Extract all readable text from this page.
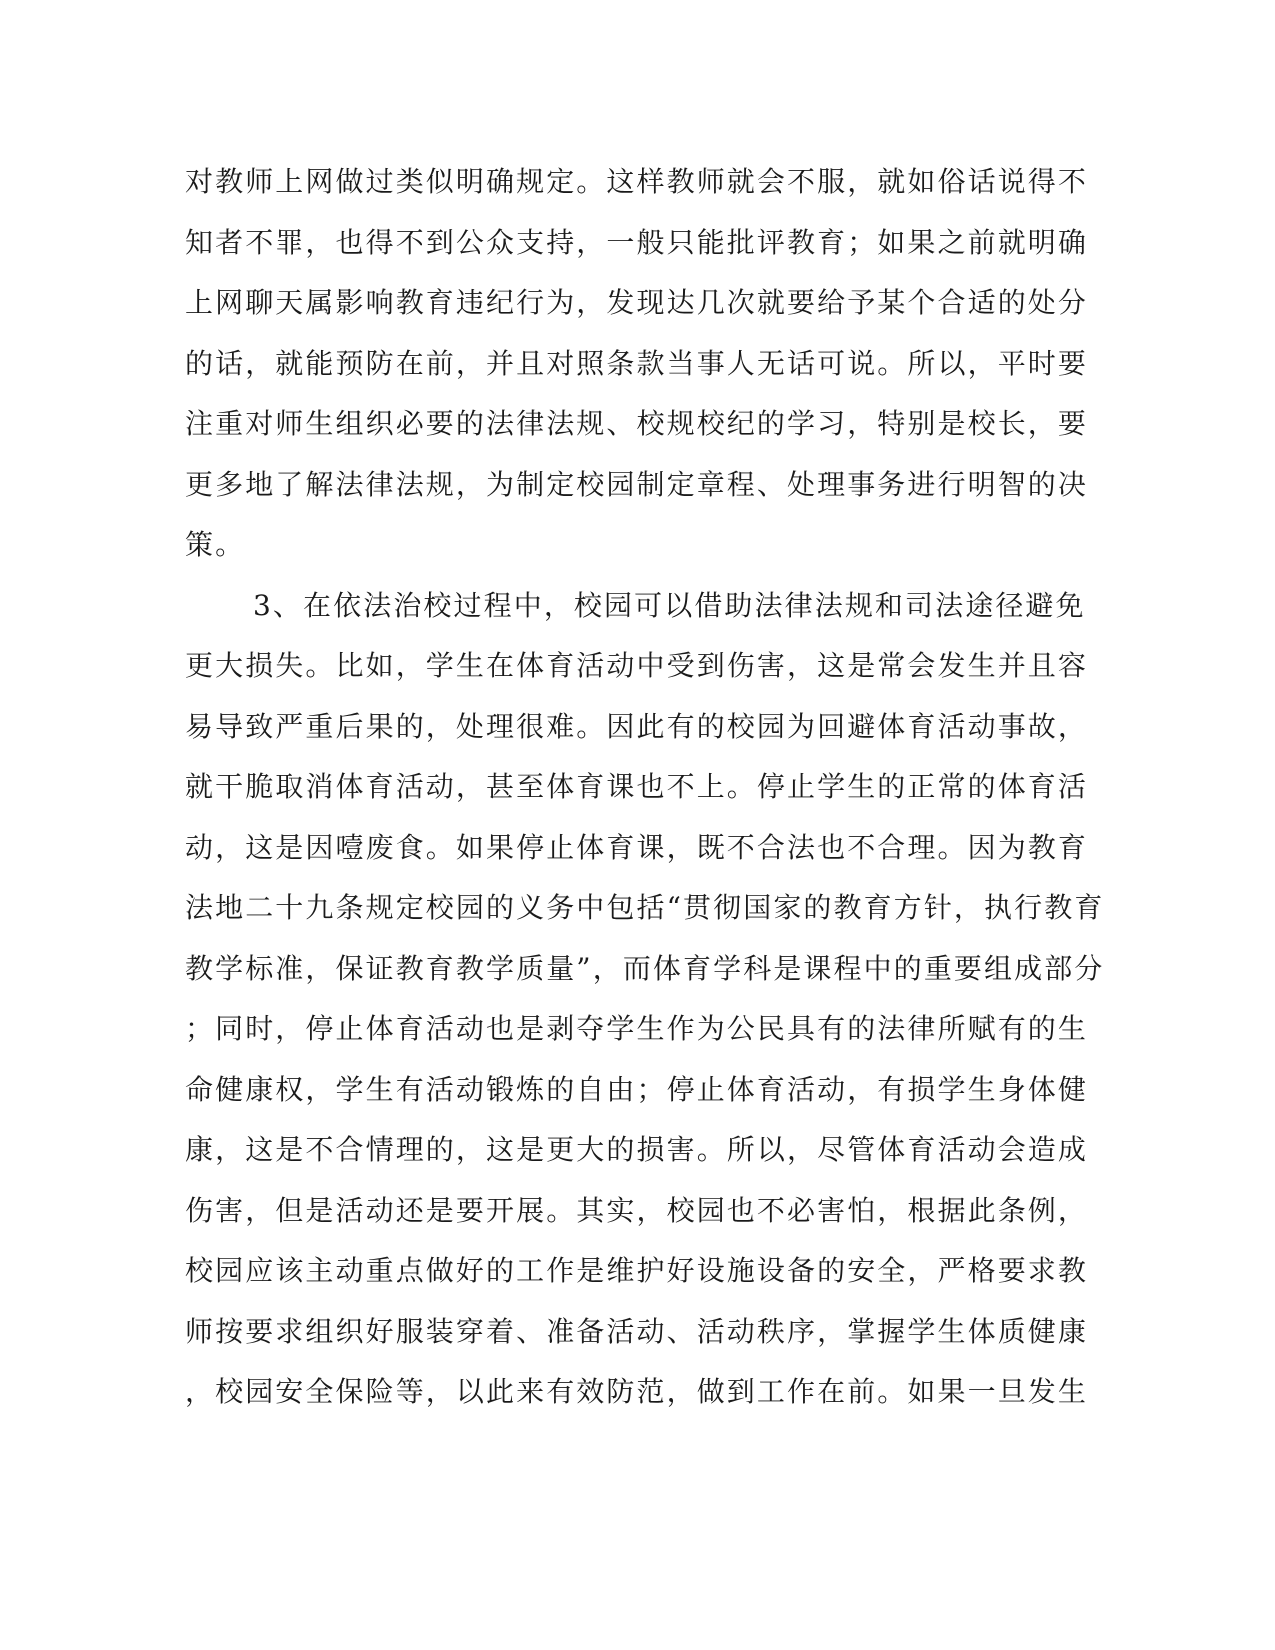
对教师上网做过类似明确规定。这样教师就会不服，就如俗话说得不
知者不罪，也得不到公众支持，一般只能批评教育；如果之前就明确
上网聊天属影响教育违纪行为，发现达几次就要给予某个合适的处分
的话，就能预防在前，并且对照条款当事人无话可说。所以，平时要
注重对师生组织必要的法律法规、校规校纪的学习，特别是校长，要
更多地了解法律法规，为制定校园制定章程、处理事务进行明智的决
策。
3、在依法治校过程中，校园可以借助法律法规和司法途径避免
更大损失。比如，学生在体育活动中受到伤害，这是常会发生并且容
易导致严重后果的，处理很难。因此有的校园为回避体育活动事故，
就干脆取消体育活动，甚至体育课也不上。停止学生的正常的体育活
动，这是因噎废食。如果停止体育课，既不合法也不合理。因为教育
法地二十九条规定校园的义务中包括“贯彻国家的教育方针，执行教育
教学标准，保证教育教学质量”，而体育学科是课程中的重要组成部分
；同时，停止体育活动也是剥夺学生作为公民具有的法律所赋有的生
命健康权，学生有活动锻炼的自由；停止体育活动，有损学生身体健
康，这是不合情理的，这是更大的损害。所以，尽管体育活动会造成
伤害，但是活动还是要开展。其实，校园也不必害怕，根据此条例，
校园应该主动重点做好的工作是维护好设施设备的安全，严格要求教
师按要求组织好服装穿着、准备活动、活动秩序，掌握学生体质健康
，校园安全保险等，以此来有效防范，做到工作在前。如果一旦发生
